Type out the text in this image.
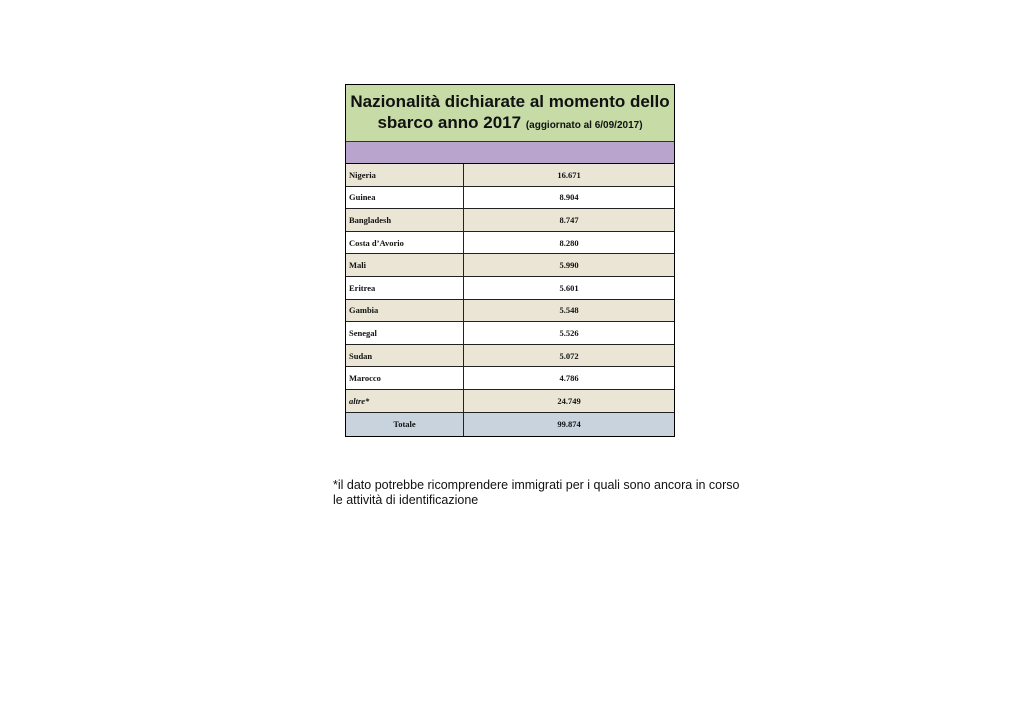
Nazionalità dichiarate al momento dello
sbarco anno 2017 (aggiornato al 6/09/2017)
Nigeria	16.671
Guinea	8.904
Bangladesh	8.747
Costa d’Avorio	8.280
Mali	5.990
Eritrea	5.601
Gambia	5.548
Senegal	5.526
Sudan	5.072
Marocco	4.786
altre*	24.749
Totale	99.874
*il dato potrebbe ricomprendere immigrati per i quali sono ancora in corso
le attività di identificazione
